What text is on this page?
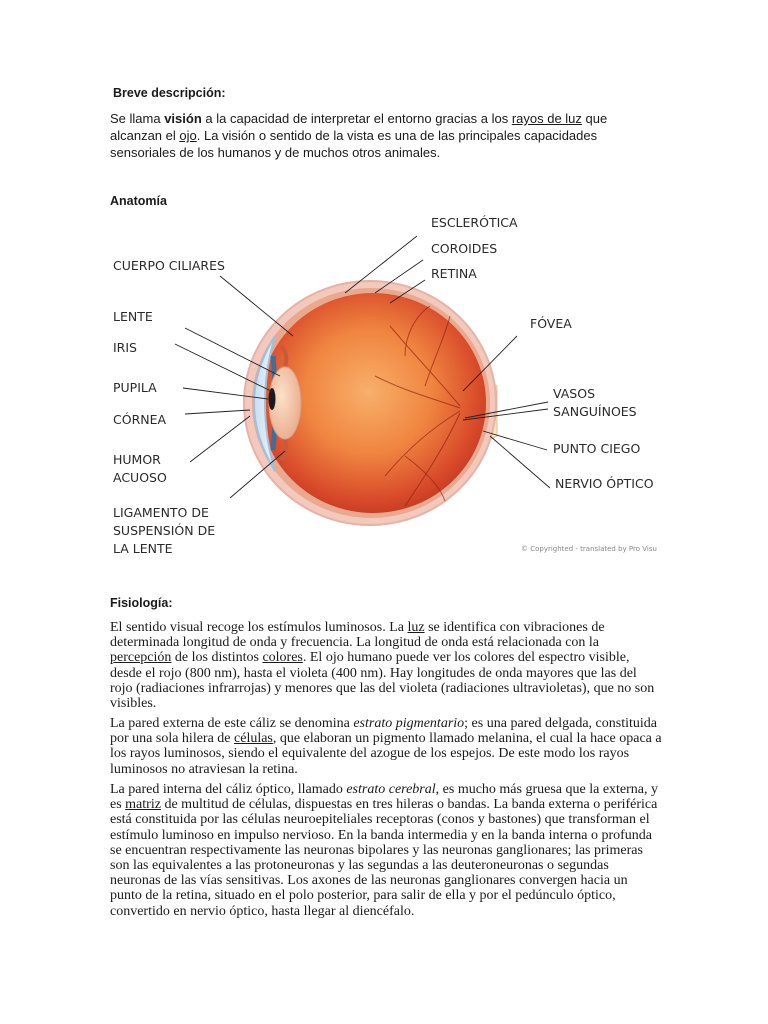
Breve descripción:

Se llama visión a la capacidad de interpretar el entorno gracias a los rayos de luz que alcanzan el ojo. La visión o sentido de la vista es una de las principales capacidades sensoriales de los humanos y de muchos otros animales.

Anatomía
CUERPO CILIARES
LENTE
IRIS
PUPILA
CÓRNEA
HUMOR
ACUOSO
LIGAMENTO DE
SUSPENSIÓN DE
LA LENTE
ESCLERÓTICA
COROIDES
RETINA
FÓVEA
VASOS
SANGUÍNOES
PUNTO CIEGO
NERVIO ÓPTICO
© Copyrighted - translated by Pro Visu
Fisiología:

El sentido visual recoge los estímulos luminosos. La luz se identifica con vibraciones de determinada longitud de onda y frecuencia. La longitud de onda está relacionada con la percepción de los distintos colores. El ojo humano puede ver los colores del espectro visible, desde el rojo (800 nm), hasta el violeta (400 nm). Hay longitudes de onda mayores que las del rojo (radiaciones infrarrojas) y menores que las del violeta (radiaciones ultravioletas), que no son visibles.

La pared externa de este cáliz se denomina estrato pigmentario; es una pared delgada, constituida por una sola hilera de células, que elaboran un pigmento llamado melanina, el cual la hace opaca a los rayos luminosos, siendo el equivalente del azogue de los espejos. De este modo los rayos luminosos no atraviesan la retina.

La pared interna del cáliz óptico, llamado estrato cerebral, es mucho más gruesa que la externa, y es matriz de multitud de células, dispuestas en tres hileras o bandas. La banda externa o periférica está constituida por las células neuroepiteliales receptoras (conos y bastones) que transforman el estímulo luminoso en impulso nervioso. En la banda intermedia y en la banda interna o profunda se encuentran respectivamente las neuronas bipolares y las neuronas ganglionares; las primeras son las equivalentes a las protoneuronas y las segundas a las deuteroneuronas o segundas neuronas de las vías sensitivas. Los axones de las neuronas ganglionares convergen hacia un punto de la retina, situado en el polo posterior, para salir de ella y por el pedúnculo óptico, convertido en nervio óptico, hasta llegar al diencéfalo.
